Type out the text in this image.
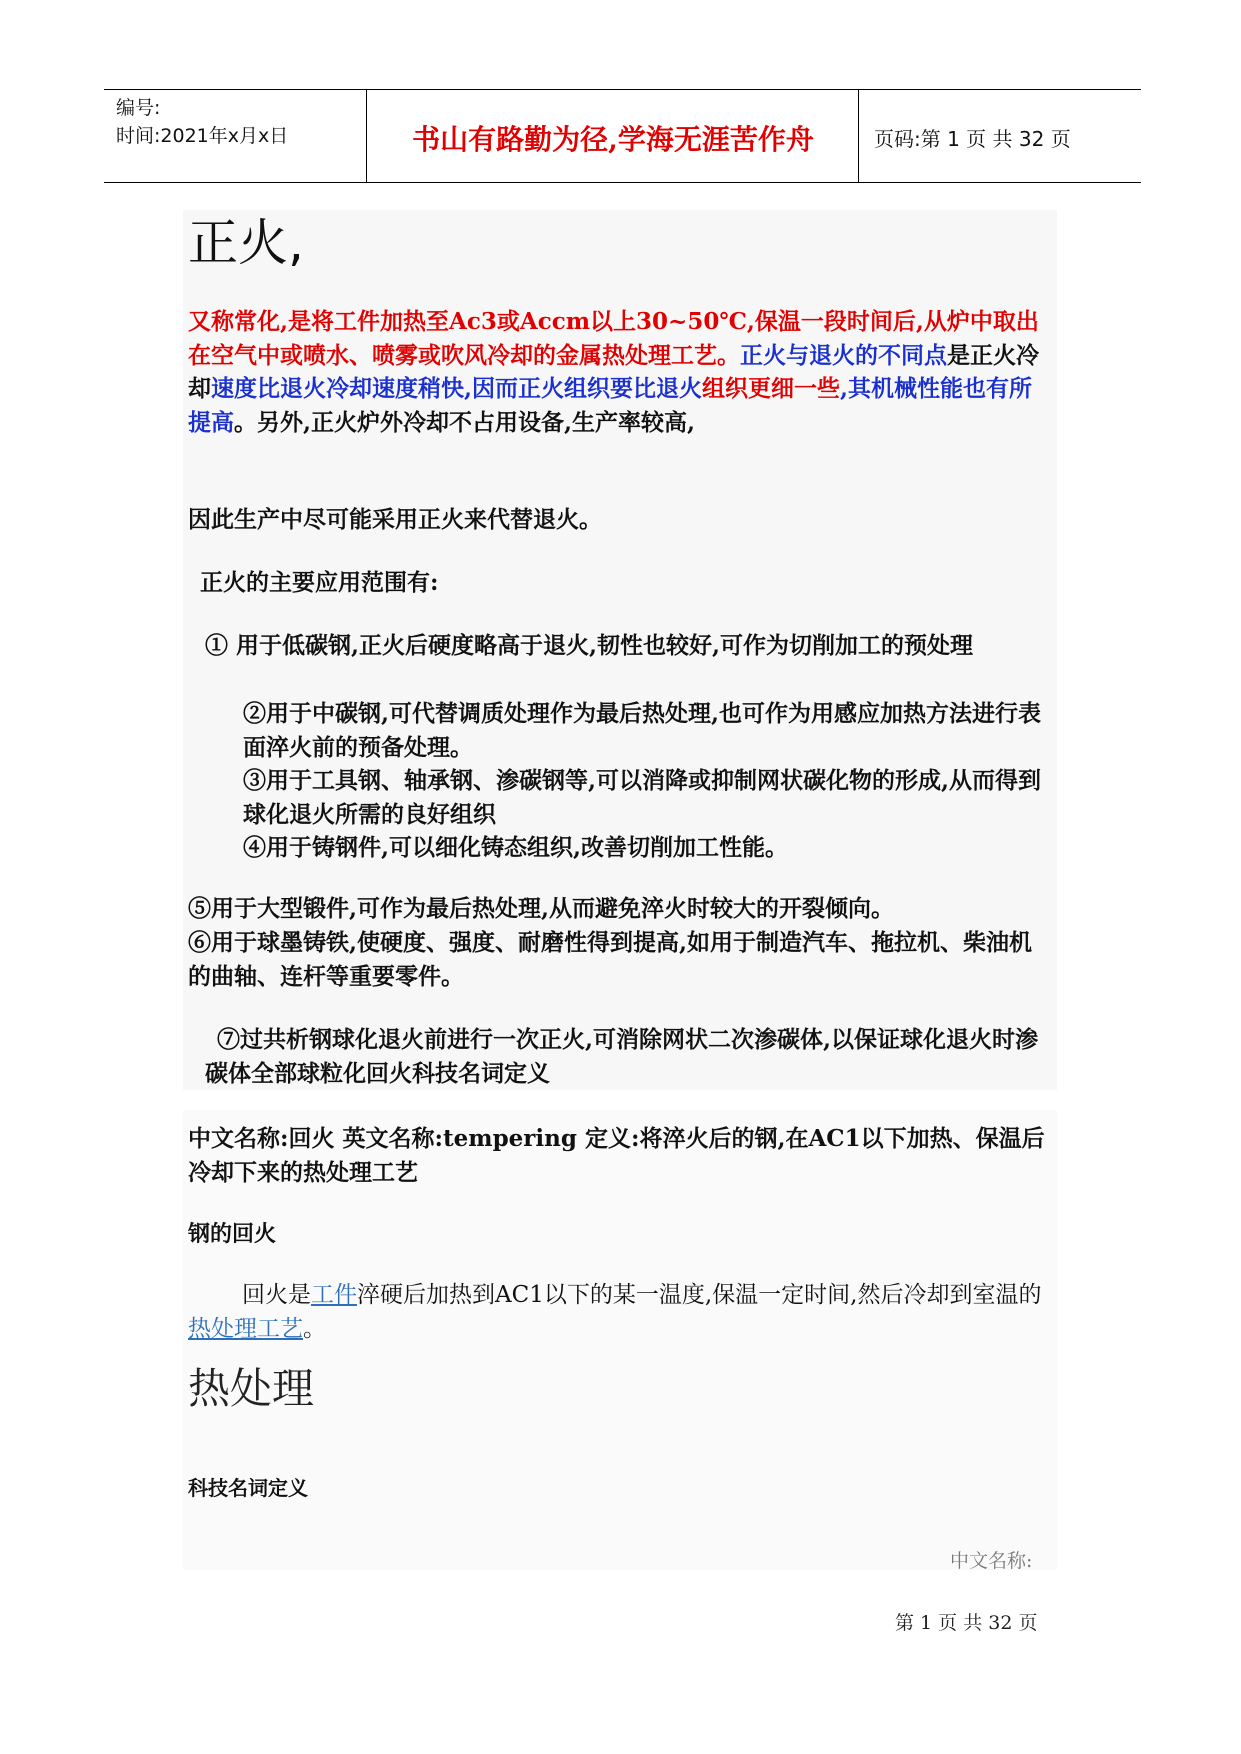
编号:
时间:2021年x月x日	书山有路勤为径,学海无涯苦作舟	页码:第 1 页 共 32 页
正火,
又称常化,是将工件加热至Ac3或Accm以上30~50℃,保温一段时间后,从炉中取出在空气中或喷水、喷雾或吹风冷却的金属热处理工艺。正火与退火的不同点是正火冷却速度比退火冷却速度稍快,因而正火组织要比退火组织更细一些,其机械性能也有所提高。另外,正火炉外冷却不占用设备,生产率较高,
因此生产中尽可能采用正火来代替退火。
正火的主要应用范围有:
① 用于低碳钢,正火后硬度略高于退火,韧性也较好,可作为切削加工的预处理
②用于中碳钢,可代替调质处理作为最后热处理,也可作为用感应加热方法进行表面淬火前的预备处理。
③用于工具钢、轴承钢、渗碳钢等,可以消降或抑制网状碳化物的形成,从而得到球化退火所需的良好组织
④用于铸钢件,可以细化铸态组织,改善切削加工性能。
⑤用于大型锻件,可作为最后热处理,从而避免淬火时较大的开裂倾向。
⑥用于球墨铸铁,使硬度、强度、耐磨性得到提高,如用于制造汽车、拖拉机、柴油机的曲轴、连杆等重要零件。
⑦过共析钢球化退火前进行一次正火,可消除网状二次渗碳体,以保证球化退火时渗碳体全部球粒化回火科技名词定义
中文名称:回火 英文名称:tempering 定义:将淬火后的钢,在AC1以下加热、保温后冷却下来的热处理工艺
钢的回火
回火是工件淬硬后加热到AC1以下的某一温度,保温一定时间,然后冷却到室温的热处理工艺。
热处理
科技名词定义
中文名称:
第 1 页 共 32 页
